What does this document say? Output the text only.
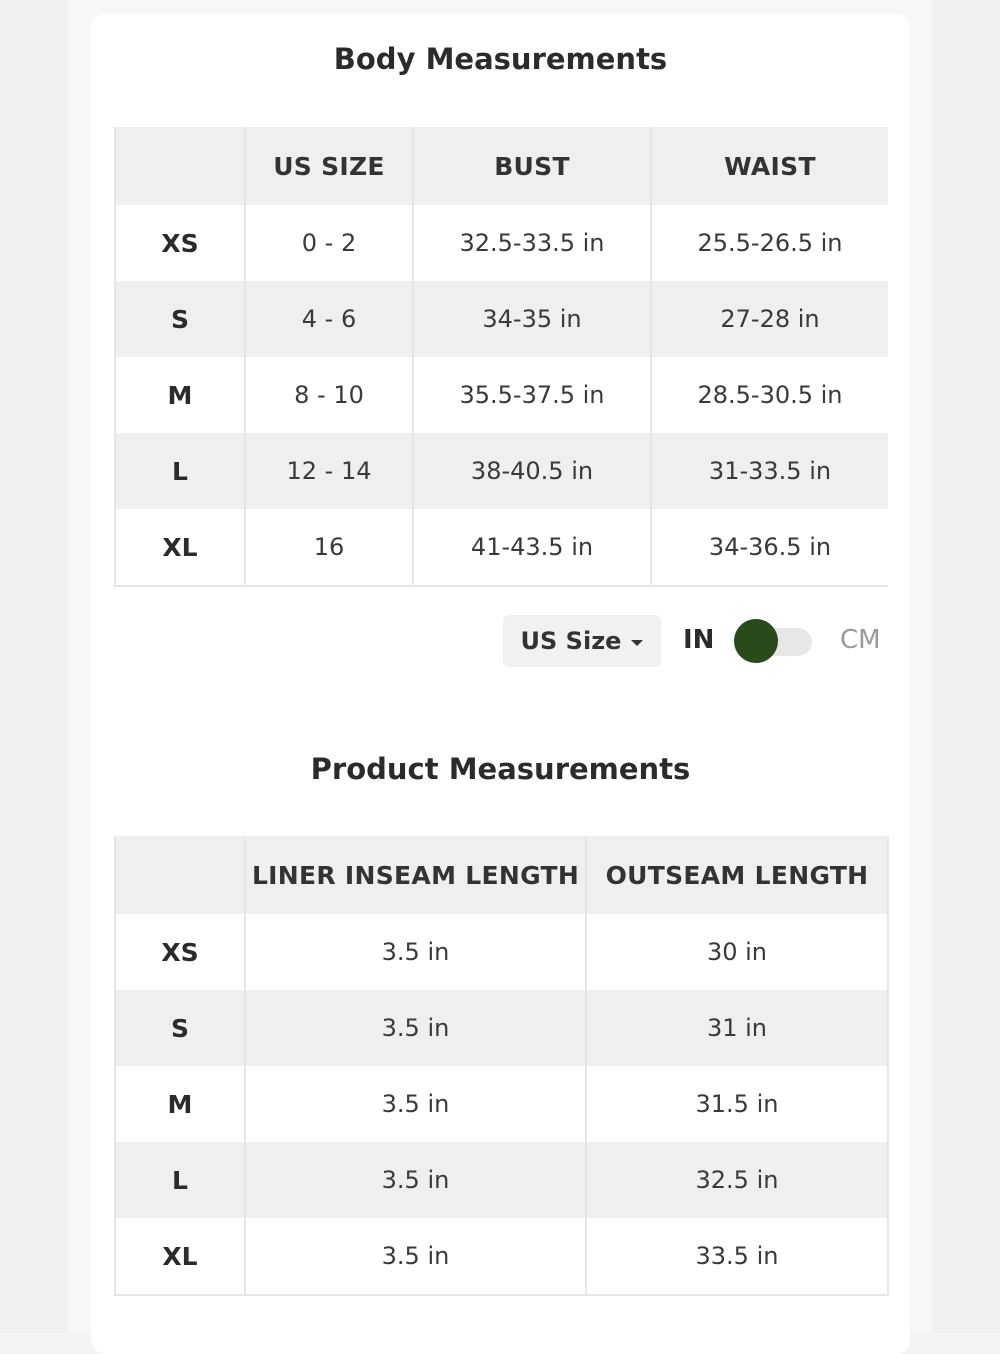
Body Measurements
	US SIZE	BUST	WAIST
XS	0 - 2	32.5-33.5 in	25.5-26.5 in
S	4 - 6	34-35 in	27-28 in
M	8 - 10	35.5-37.5 in	28.5-30.5 in
L	12 - 14	38-40.5 in	31-33.5 in
XL	16	41-43.5 in	34-36.5 in
US Size IN	CM
Product Measurements
	LINER INSEAM LENGTH	OUTSEAM LENGTH
XS	3.5 in	30 in
S	3.5 in	31 in
M	3.5 in	31.5 in
L	3.5 in	32.5 in
XL	3.5 in	33.5 in
